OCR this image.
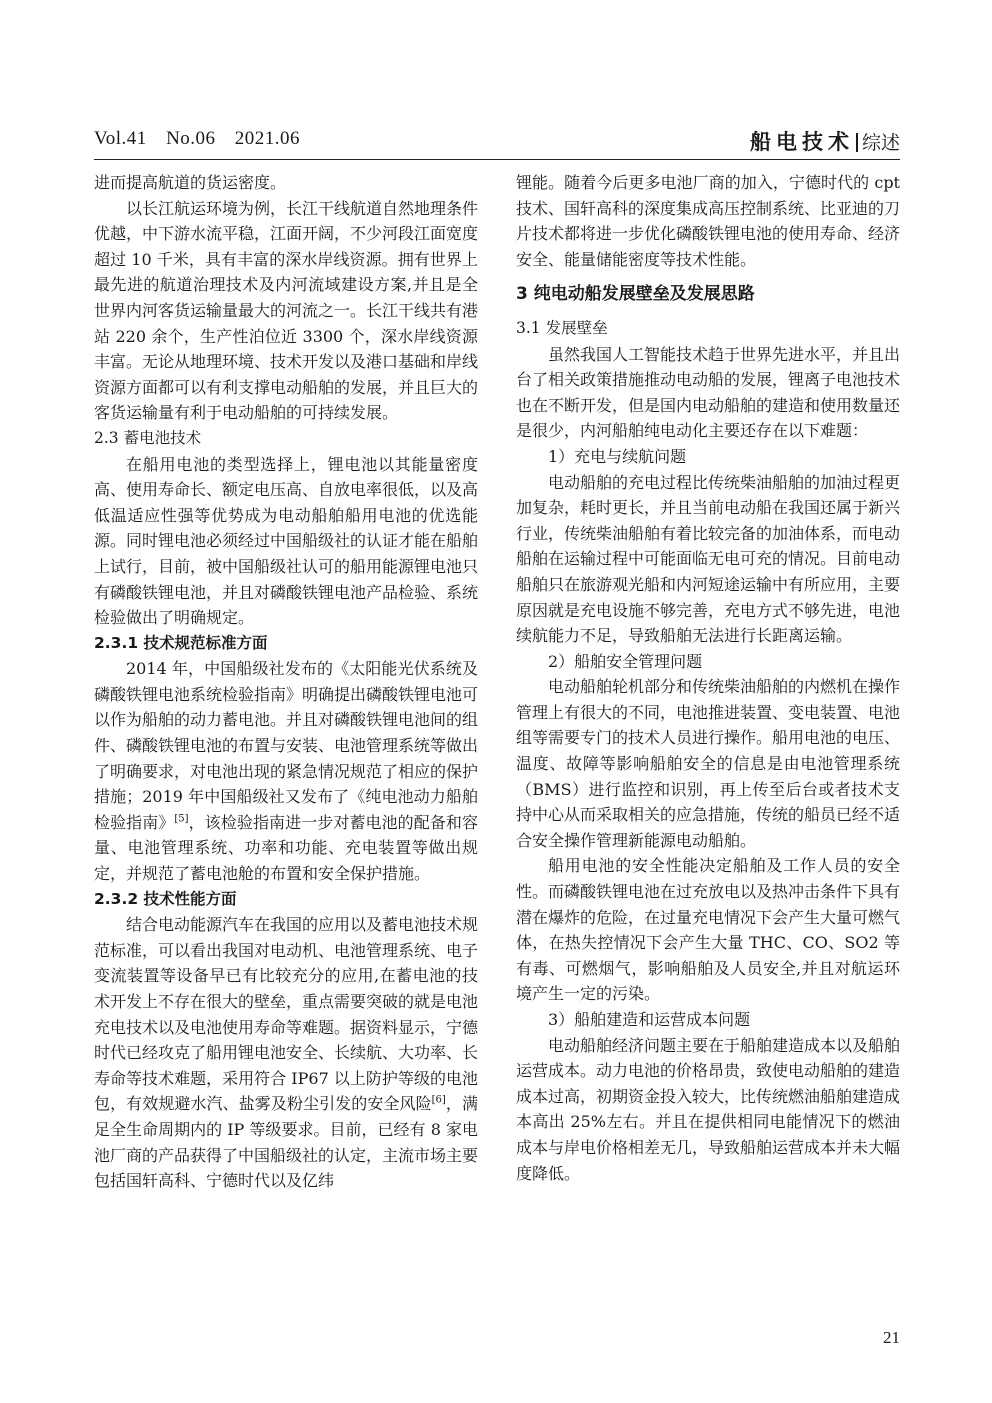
Vol.41 No.06 2021.06	船电技术 综述

进而提高航道的货运密度。

以长江航运环境为例，长江干线航道自然地理条件优越，中下游水流平稳，江面开阔，不少河段江面宽度超过 10 千米，具有丰富的深水岸线资源。拥有世界上最先进的航道治理技术及内河流域建设方案,并且是全世界内河客货运输量最大的河流之一。长江干线共有港站 220 余个，生产性泊位近 3300 个，深水岸线资源丰富。无论从地理环境、技术开发以及港口基础和岸线资源方面都可以有利支撑电动船舶的发展，并且巨大的客货运输量有利于电动船舶的可持续发展。

2.3 蓄电池技术

在船用电池的类型选择上，锂电池以其能量密度高、使用寿命长、额定电压高、自放电率很低，以及高低温适应性强等优势成为电动船舶船用电池的优选能源。同时锂电池必须经过中国船级社的认证才能在船舶上试行，目前，被中国船级社认可的船用能源锂电池只有磷酸铁锂电池，并且对磷酸铁锂电池产品检验、系统检验做出了明确规定。

2.3.1 技术规范标准方面

2014 年，中国船级社发布的《太阳能光伏系统及磷酸铁锂电池系统检验指南》明确提出磷酸铁锂电池可以作为船舶的动力蓄电池。并且对磷酸铁锂电池间的组件、磷酸铁锂电池的布置与安装、电池管理系统等做出了明确要求，对电池出现的紧急情况规范了相应的保护措施；2019 年中国船级社又发布了《纯电池动力船舶检验指南》[5]，该检验指南进一步对蓄电池的配备和容量、电池管理系统、功率和功能、充电装置等做出规定，并规范了蓄电池舱的布置和安全保护措施。

2.3.2 技术性能方面

结合电动能源汽车在我国的应用以及蓄电池技术规范标准，可以看出我国对电动机、电池管理系统、电子变流装置等设备早已有比较充分的应用,在蓄电池的技术开发上不存在很大的壁垒，重点需要突破的就是电池充电技术以及电池使用寿命等难题。据资料显示，宁德时代已经攻克了船用锂电池安全、长续航、大功率、长寿命等技术难题，采用符合 IP67 以上防护等级的电池包，有效规避水汽、盐雾及粉尘引发的安全风险[6]，满足全生命周期内的 IP 等级要求。目前，已经有 8 家电池厂商的产品获得了中国船级社的认定，主流市场主要包括国轩高科、宁德时代以及亿纬

锂能。随着今后更多电池厂商的加入，宁德时代的 cpt 技术、国轩高科的深度集成高压控制系统、比亚迪的刀片技术都将进一步优化磷酸铁锂电池的使用寿命、经济安全、能量储能密度等技术性能。

3 纯电动船发展壁垒及发展思路

3.1 发展壁垒

虽然我国人工智能技术趋于世界先进水平，并且出台了相关政策措施推动电动船的发展，锂离子电池技术也在不断开发，但是国内电动船舶的建造和使用数量还是很少，内河船舶纯电动化主要还存在以下难题：

1）充电与续航问题

电动船舶的充电过程比传统柴油船舶的加油过程更加复杂，耗时更长，并且当前电动船在我国还属于新兴行业，传统柴油船舶有着比较完备的加油体系，而电动船舶在运输过程中可能面临无电可充的情况。目前电动船舶只在旅游观光船和内河短途运输中有所应用，主要原因就是充电设施不够完善，充电方式不够先进，电池续航能力不足，导致船舶无法进行长距离运输。

2）船舶安全管理问题

电动船舶轮机部分和传统柴油船舶的内燃机在操作管理上有很大的不同，电池推进装置、变电装置、电池组等需要专门的技术人员进行操作。船用电池的电压、温度、故障等影响船舶安全的信息是由电池管理系统（BMS）进行监控和识别，再上传至后台或者技术支持中心从而采取相关的应急措施，传统的船员已经不适合安全操作管理新能源电动船舶。

船用电池的安全性能决定船舶及工作人员的安全性。而磷酸铁锂电池在过充放电以及热冲击条件下具有潜在爆炸的危险，在过量充电情况下会产生大量可燃气体，在热失控情况下会产生大量 THC、CO、SO2 等有毒、可燃烟气，影响船舶及人员安全,并且对航运环境产生一定的污染。

3）船舶建造和运营成本问题

电动船舶经济问题主要在于船舶建造成本以及船舶运营成本。动力电池的价格昂贵，致使电动船舶的建造成本过高，初期资金投入较大，比传统燃油船舶建造成本高出 25%左右。并且在提供相同电能情况下的燃油成本与岸电价格相差无几，导致船舶运营成本并未大幅度降低。

21
